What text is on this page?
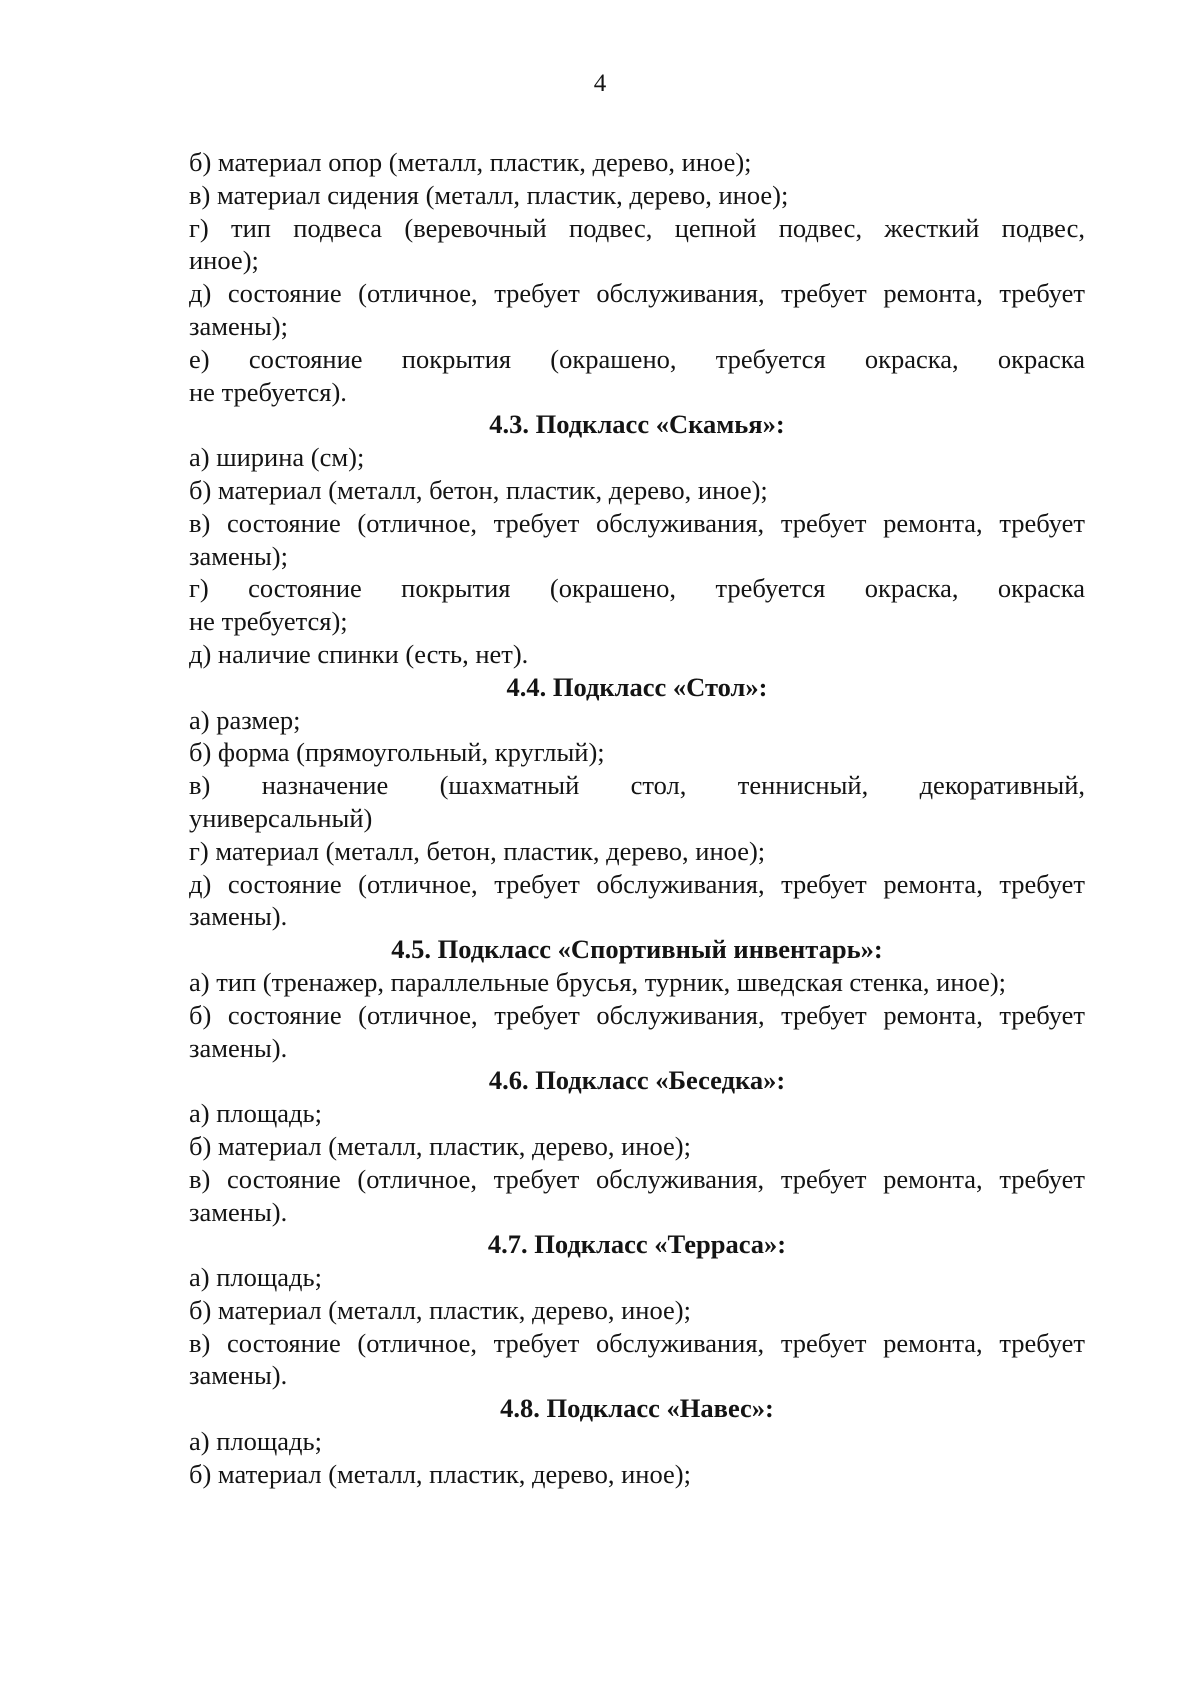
4
б) материал опор (металл, пластик, дерево, иное);
в) материал сидения (металл, пластик, дерево, иное);
г) тип подвеса (веревочный подвес, цепной подвес, жесткий подвес,
иное);
д) состояние (отличное, требует обслуживания, требует ремонта, требует
замены);
е) состояние покрытия (окрашено, требуется окраска, окраска
не требуется).
4.3. Подкласс «Скамья»:
а) ширина (см);
б) материал (металл, бетон, пластик, дерево, иное);
в) состояние (отличное, требует обслуживания, требует ремонта, требует
замены);
г) состояние покрытия (окрашено, требуется окраска, окраска
не требуется);
д) наличие спинки (есть, нет).
4.4. Подкласс «Стол»:
а) размер;
б) форма (прямоугольный, круглый);
в) назначение (шахматный стол, теннисный, декоративный,
универсальный)
г) материал (металл, бетон, пластик, дерево, иное);
д) состояние (отличное, требует обслуживания, требует ремонта, требует
замены).
4.5. Подкласс «Спортивный инвентарь»:
а) тип (тренажер, параллельные брусья, турник, шведская стенка, иное);
б) состояние (отличное, требует обслуживания, требует ремонта, требует
замены).
4.6. Подкласс «Беседка»:
а) площадь;
б) материал (металл, пластик, дерево, иное);
в) состояние (отличное, требует обслуживания, требует ремонта, требует
замены).
4.7. Подкласс «Терраса»:
а) площадь;
б) материал (металл, пластик, дерево, иное);
в) состояние (отличное, требует обслуживания, требует ремонта, требует
замены).
4.8. Подкласс «Навес»:
а) площадь;
б) материал (металл, пластик, дерево, иное);
